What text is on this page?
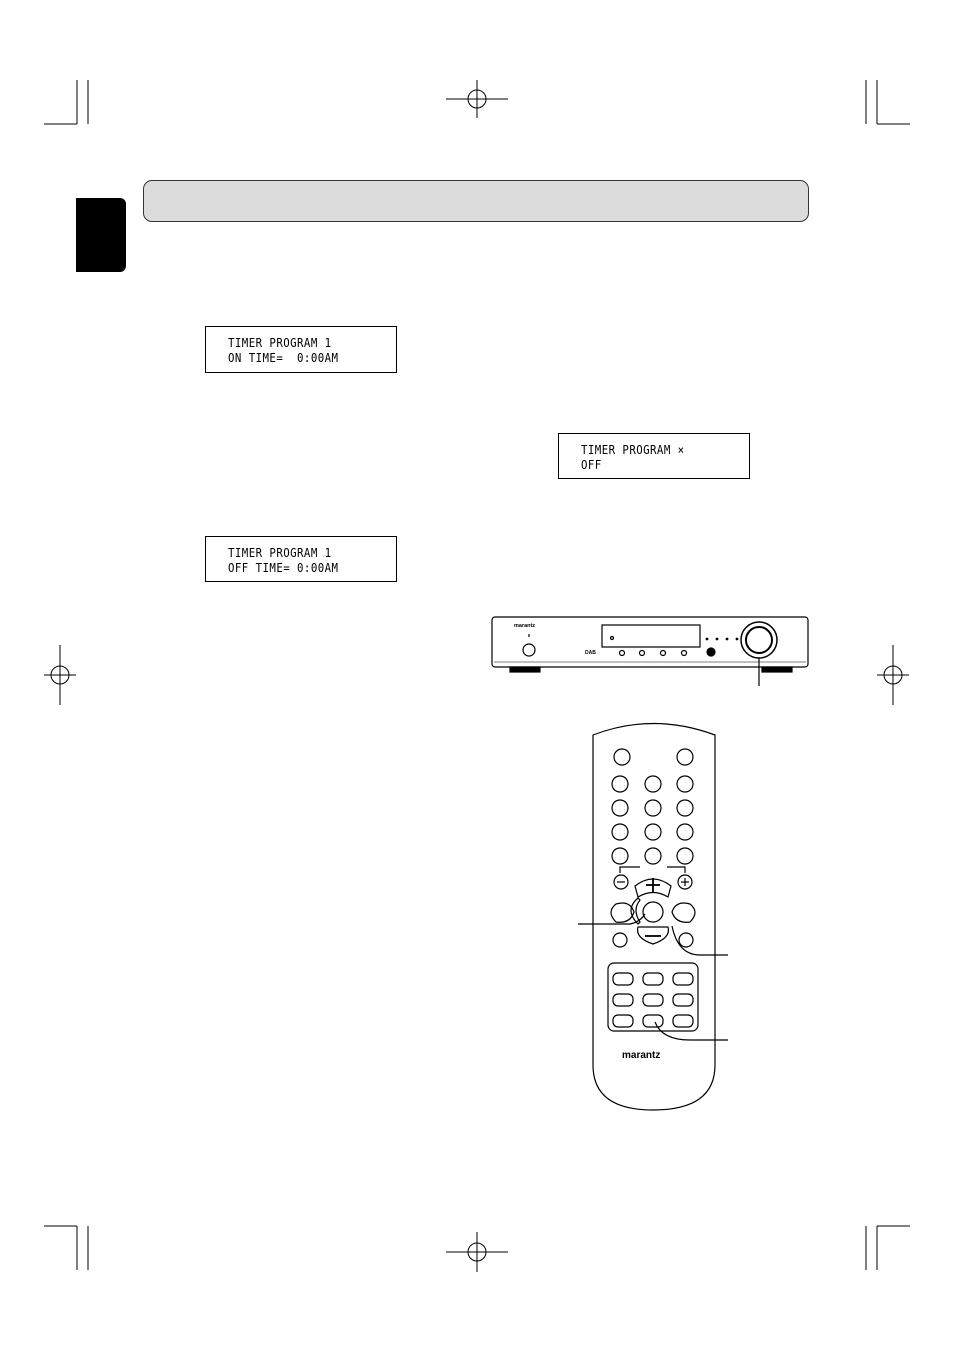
TIMER PROGRAM 1
ON TIME=  0:00AM
TIMER PROGRAM 1
OFF TIME= 0:00AM
TIMER PROGRAM ×
OFF
marantz
DAB
marantz
